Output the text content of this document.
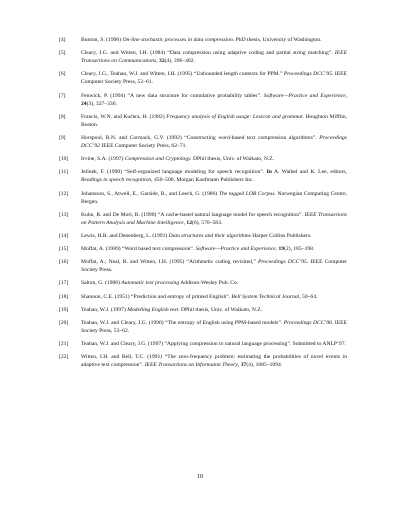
[4]	Bunton, S. (1996) On-line stochastic processes in data compression. PhD thesis, University of Washington.
[5]	Cleary, J.G. and Witten, I.H. (1984) “Data compression using adaptive coding and partial string matching”. IEEE Transactions on Communications, 32(4), 396–402.
[6]	Cleary, J.G., Teahan, W.J. and Witten, I.H. (1995) “Unbounded length contexts for PPM.” Proceedings DCC’95. IEEE Computer Society Press, 52–61.
[7]	Fenwick, P. (1994) “A new data structure for cumulative probability tables”. Software—Practice and Experience, 24(3), 327–336.
[8]	Francis, W.N. and Kučera, H. (1982) Frequency analysis of English usage: Lexicon and grammar. Houghton Mifflin, Boston.
[9]	Horspool, R.N. and Cormack, G.V. (1992) “Constructing word-based text compression algorithms”. Proceedings DCC’92 IEEE Computer Society Press, 62–71.
[10]	Irvine, S.A. (1997) Compression and Cryptology. DPhil thesis, Univ. of Waikato, N.Z.
[11]	Jelinek, F. (1990) “Self-organized language modeling for speech recognition”. In A. Waibel and K. Lee, editors, Readings in speech recognition, 450–506. Morgan Kaufmann Publishers Inc.
[12]	Johansson, S., Atwell, E., Garside, R., and Leech, G. (1986) The tagged LOB Corpus. Norwegian Computing Centre, Bergen.
[13]	Kuhn, R. and De Mori, R. (1990) “A cache-based natural language model for speech recognition”. IEEE Transactions on Pattern Analysis and Machine Intelligence, 12(6), 570–583.
[14]	Lewis, H.R. and Denenberg, L. (1991) Data structures and their algorithms Harper Collins Publishers.
[15]	Moffat, A. (1989) “Word based text compression”. Software—Practice and Experience, 19(2), 185–198.
[16]	Moffat, A., Neal, R. and Witten, I.H. (1995) “Arithmetic coding revisited,” Proceedings DCC’95. IEEE Computer Society Press.
[17]	Salton, G. (1988) Automatic text processing Addison-Wesley Pub. Co.
[18]	Shannon, C.E. (1951) “Prediction and entropy of printed English”. Bell System Technical Journal, 50–64.
[19]	Teahan, W.J. (1997) Modelling English text. DPhil thesis, Univ. of Waikato, N.Z.
[20]	Teahan, W.J. and Cleary, J.G. (1996) “The entropy of English using PPM-based models”. Proceedings DCC’96. IEEE Society Press, 53–62.
[21]	Teahan, W.J. and Cleary, J.G. (1997) “Applying compression to natural language processing”. Submitted to ANLP’97.
[22]	Witten, I.H. and Bell, T.C. (1991) “The zero-frequency problem: estimating the probabilities of novel events in adaptive text compression”. IEEE Transactions on Informaton Theory, 37(4), 1085–1094.
10
